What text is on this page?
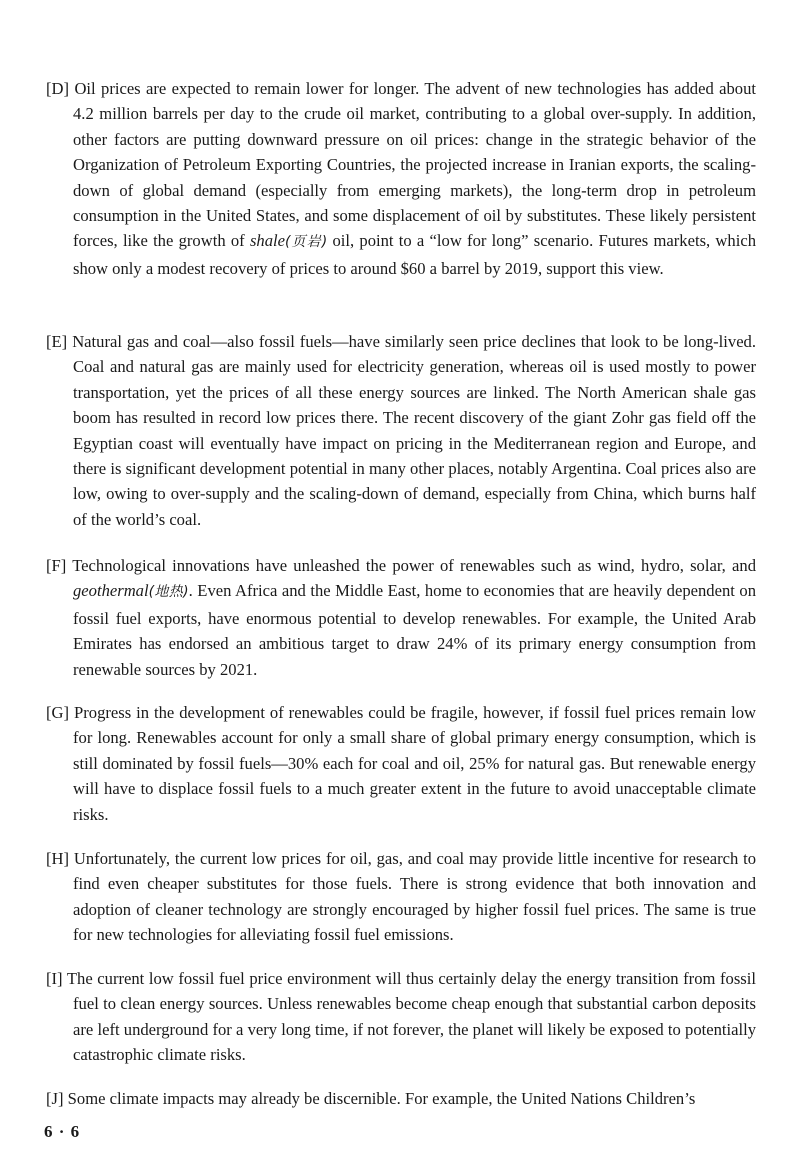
[D] Oil prices are expected to remain lower for longer. The advent of new technologies has added about 4.2 million barrels per day to the crude oil market, contributing to a global over-supply. In addition, other factors are putting downward pressure on oil prices: change in the strategic behavior of the Organization of Petroleum Exporting Countries, the projected increase in Iranian exports, the scaling-down of global demand (especially from emerging markets), the long-term drop in petroleum consumption in the United States, and some displacement of oil by substitutes. These likely persistent forces, like the growth of shale(页岩) oil, point to a “low for long” scenario. Futures markets, which show only a modest recovery of prices to around $60 a barrel by 2019, support this view.

[E] Natural gas and coal—also fossil fuels—have similarly seen price declines that look to be long-lived. Coal and natural gas are mainly used for electricity generation, whereas oil is used mostly to power transportation, yet the prices of all these energy sources are linked. The North American shale gas boom has resulted in record low prices there. The recent discovery of the giant Zohr gas field off the Egyptian coast will eventually have impact on pricing in the Mediterranean region and Europe, and there is significant development potential in many other places, notably Argentina. Coal prices also are low, owing to over-supply and the scaling-down of demand, especially from China, which burns half of the world’s coal.

[F] Technological innovations have unleashed the power of renewables such as wind, hydro, solar, and geothermal(地热). Even Africa and the Middle East, home to economies that are heavily dependent on fossil fuel exports, have enormous potential to develop renewables. For example, the United Arab Emirates has endorsed an ambitious target to draw 24% of its primary energy consumption from renewable sources by 2021.

[G] Progress in the development of renewables could be fragile, however, if fossil fuel prices remain low for long. Renewables account for only a small share of global primary energy consumption, which is still dominated by fossil fuels—30% each for coal and oil, 25% for natural gas. But renewable energy will have to displace fossil fuels to a much greater extent in the future to avoid unacceptable climate risks.

[H] Unfortunately, the current low prices for oil, gas, and coal may provide little incentive for research to find even cheaper substitutes for those fuels. There is strong evidence that both innovation and adoption of cleaner technology are strongly encouraged by higher fossil fuel prices. The same is true for new technologies for alleviating fossil fuel emissions.

[I] The current low fossil fuel price environment will thus certainly delay the energy transition from fossil fuel to clean energy sources. Unless renewables become cheap enough that substantial carbon deposits are left underground for a very long time, if not forever, the planet will likely be exposed to potentially catastrophic climate risks.

[J] Some climate impacts may already be discernible. For example, the United Nations Children’s

6 · 6
